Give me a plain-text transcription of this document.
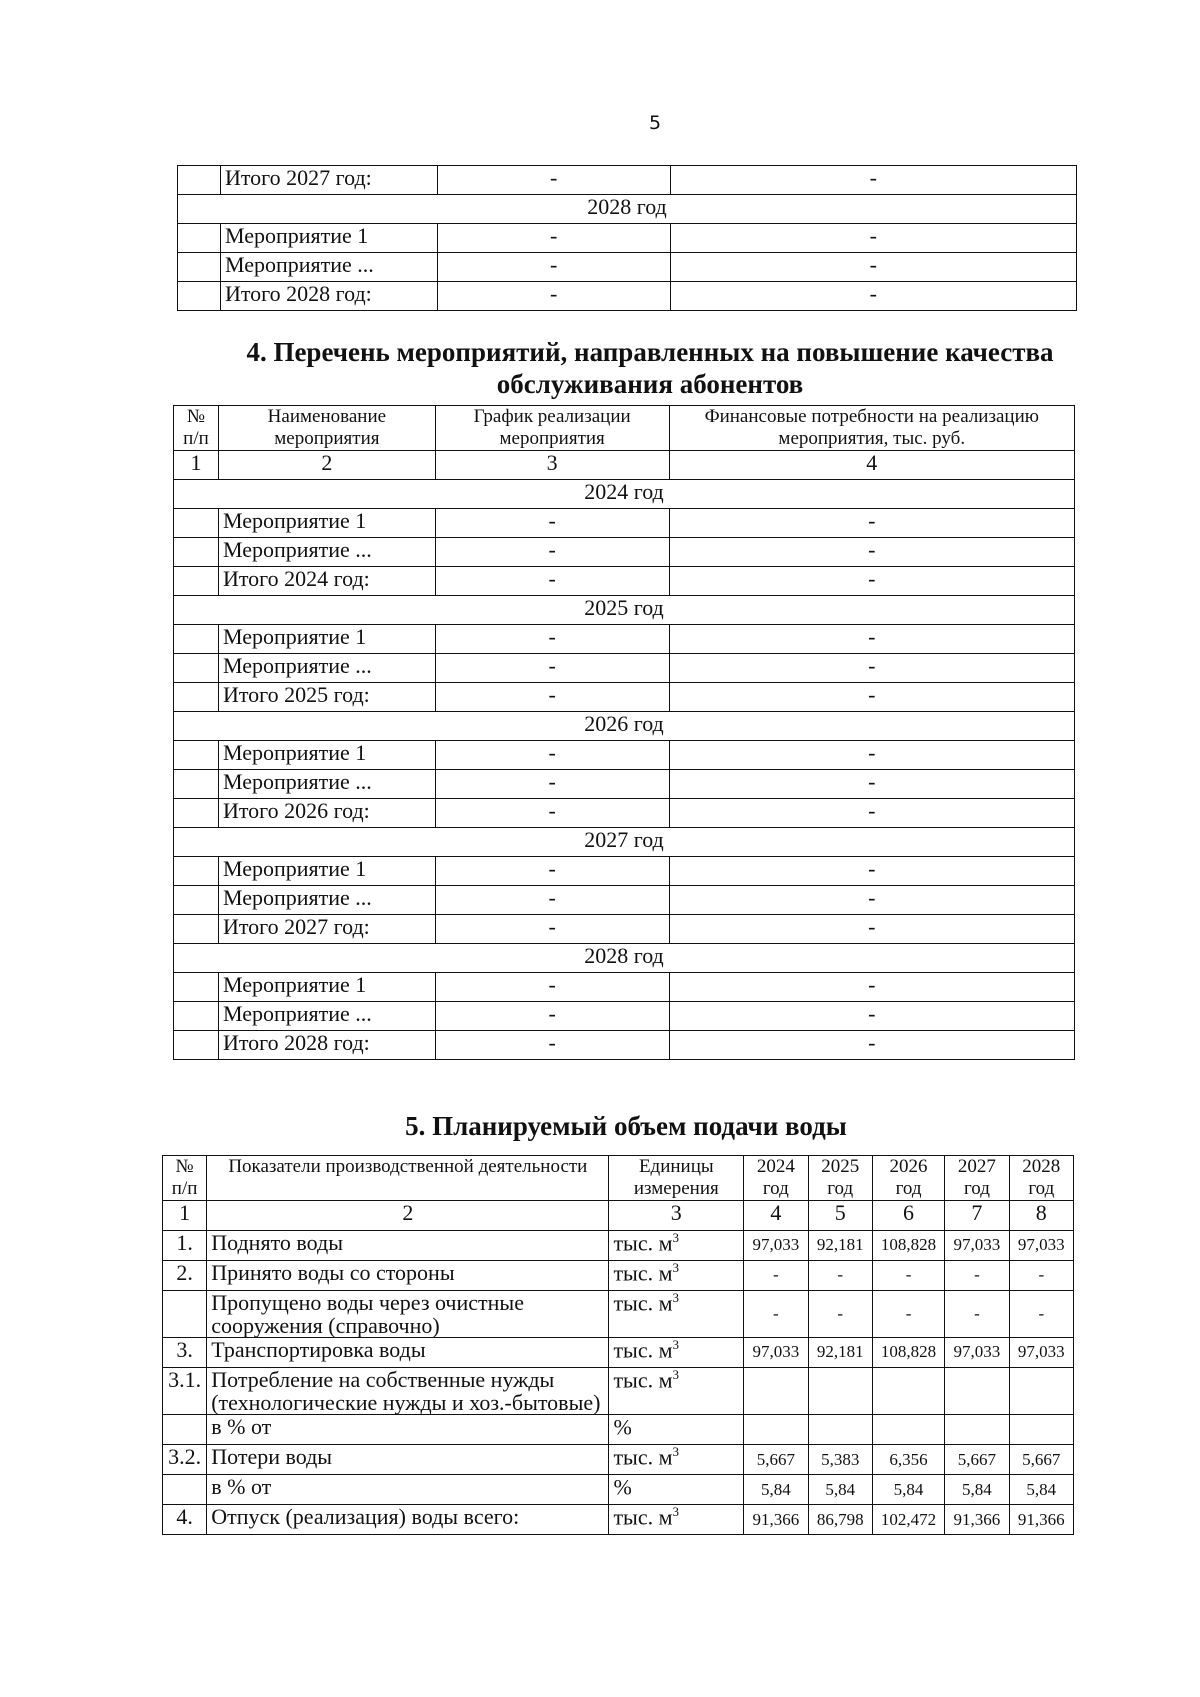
5
	Итого 2027 год:	-	-
2028 год			
	Мероприятие 1	-	-
	Мероприятие ...	-	-
	Итого 2028 год:	-	-
4. Перечень мероприятий, направленных на повышение качества
обслуживания абонентов
№ п/п	Наименование мероприятия	График реализации мероприятия	Финансовые потребности на реализацию мероприятия, тыс. руб.
1	2	3	4
2024 год			
	Мероприятие 1	-	-
	Мероприятие ...	-	-
	Итого 2024 год:	-	-
2025 год			
	Мероприятие 1	-	-
	Мероприятие ...	-	-
	Итого 2025 год:	-	-
2026 год			
	Мероприятие 1	-	-
	Мероприятие ...	-	-
	Итого 2026 год:	-	-
2027 год			
	Мероприятие 1	-	-
	Мероприятие ...	-	-
	Итого 2027 год:	-	-
2028 год			
	Мероприятие 1	-	-
	Мероприятие ...	-	-
	Итого 2028 год:	-	-
5. Планируемый объем подачи воды
№ п/п	Показатели производственной деятельности	Единицы измерения	2024 год	2025 год	2026 год	2027 год	2028 год
1	2	3	4	5	6	7	8
1.	Поднято воды	тыс. $м^3$	97,033	92,181	108,828	97,033	97,033
2.	Принято воды со стороны	тыс. $м^3$	-	-	-	-	-
	Пропущено воды через очистные сооружения (справочно)	тыс. $м^3$	-	-	-	-	-
3.	Транспортировка воды	тыс. $м^3$	97,033	92,181	108,828	97,033	97,033
3.1.	Потребление на собственные нужды (технологические нужды и хоз.-бытовые)	тыс. $м^3$					
	в % от	%					
3.2.	Потери воды	тыс. $м^3$	5,667	5,383	6,356	5,667	5,667
	в % от	%	5,84	5,84	5,84	5,84	5,84
4.	Отпуск (реализация) воды всего:	тыс. $м^3$	91,366	86,798	102,472	91,366	91,366
